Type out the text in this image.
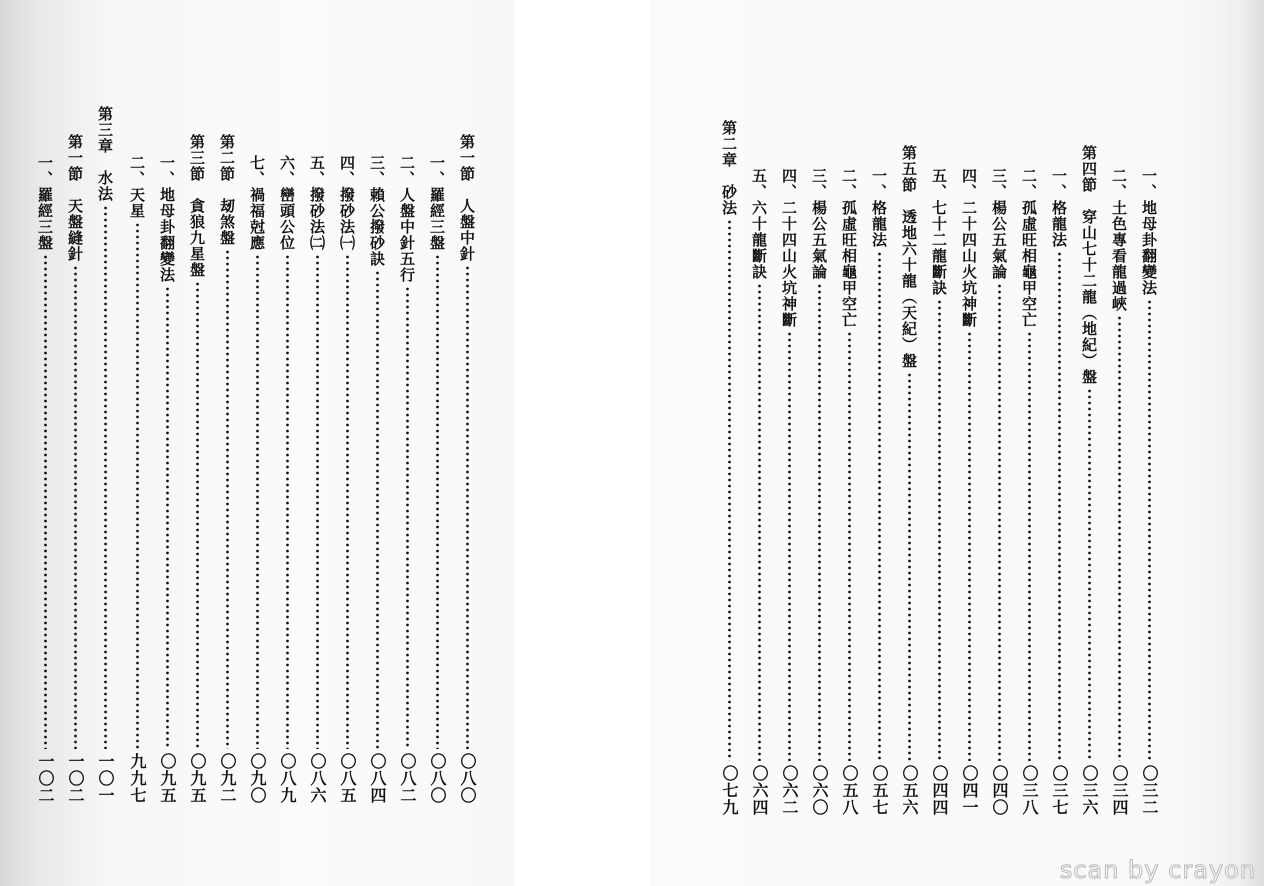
第一節　人盤中針
〇八〇
一、羅經三盤
〇八〇
二、人盤中針五行
〇八二
三、賴公撥砂訣
〇八四
四、撥砂法㈠
〇八五
五、撥砂法㈡
〇八六
六、巒頭公位
〇八九
七、禍福尅應
〇九〇
第二節　刼煞盤
〇九二
第三節　貪狼九星盤
〇九五
一、地母卦翻變法
〇九五
二、天星
九九七
第三章　水法
一〇一
第一節　天盤縫針
一〇二
一、羅經三盤
一〇二
一、地母卦翻變法
〇三二
二、土色專看龍過峽
〇三四
第四節　穿山七十二龍（地紀）盤
〇三六
一、格龍法
〇三七
二、孤虛旺相龜甲空亡
〇三八
三、楊公五氣論
〇四〇
四、二十四山火坑神斷
〇四一
五、七十二龍斷訣
〇四四
第五節　透地六十龍（天紀）盤
〇五六
一、格龍法
〇五七
二、孤虛旺相龜甲空亡
〇五八
三、楊公五氣論
〇六〇
四、二十四山火坑神斷
〇六二
五、六十龍斷訣
〇六四
第二章　砂法
〇七九
scan by crayon
